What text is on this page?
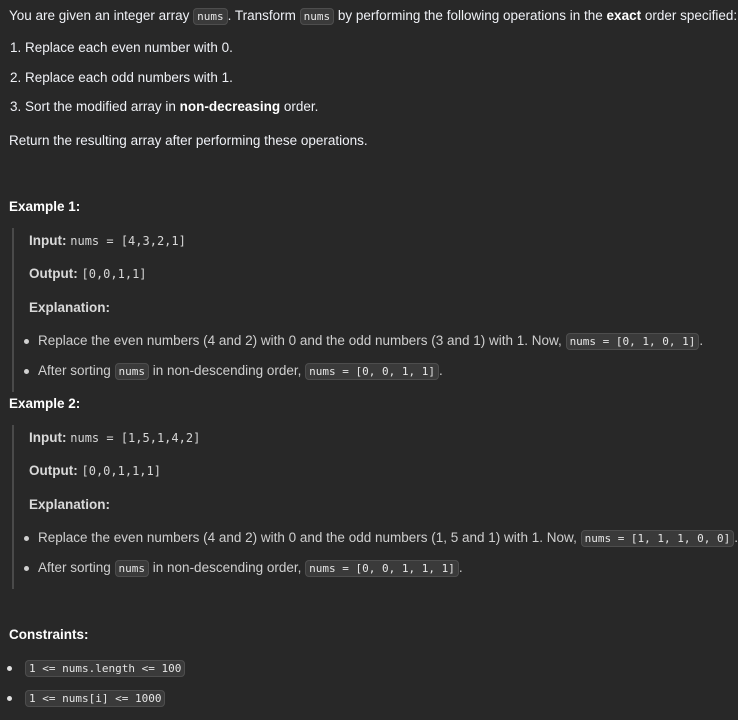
You are given an integer array nums . Transform nums by performing the following operations in the exact order specified:
1. Replace each even number with 0.
2. Replace each odd numbers with 1.
3. Sort the modified array in non-decreasing order.
Return the resulting array after performing these operations.
Example 1:
Input: nums = [4,3,2,1]
Output: [0,0,1,1]
Explanation:
Replace the even numbers (4 and 2) with 0 and the odd numbers (3 and 1) with 1. Now, nums = [0, 1, 0, 1] .
After sorting nums in non-descending order, nums = [0, 0, 1, 1] .
Example 2:
Input: nums = [1,5,1,4,2]
Output: [0,0,1,1,1]
Explanation:
Replace the even numbers (4 and 2) with 0 and the odd numbers (1, 5 and 1) with 1. Now, nums = [1, 1, 1, 0, 0] .
After sorting nums in non-descending order, nums = [0, 0, 1, 1, 1] .
Constraints:
1 <= nums.length <= 100
1 <= nums[i] <= 1000
